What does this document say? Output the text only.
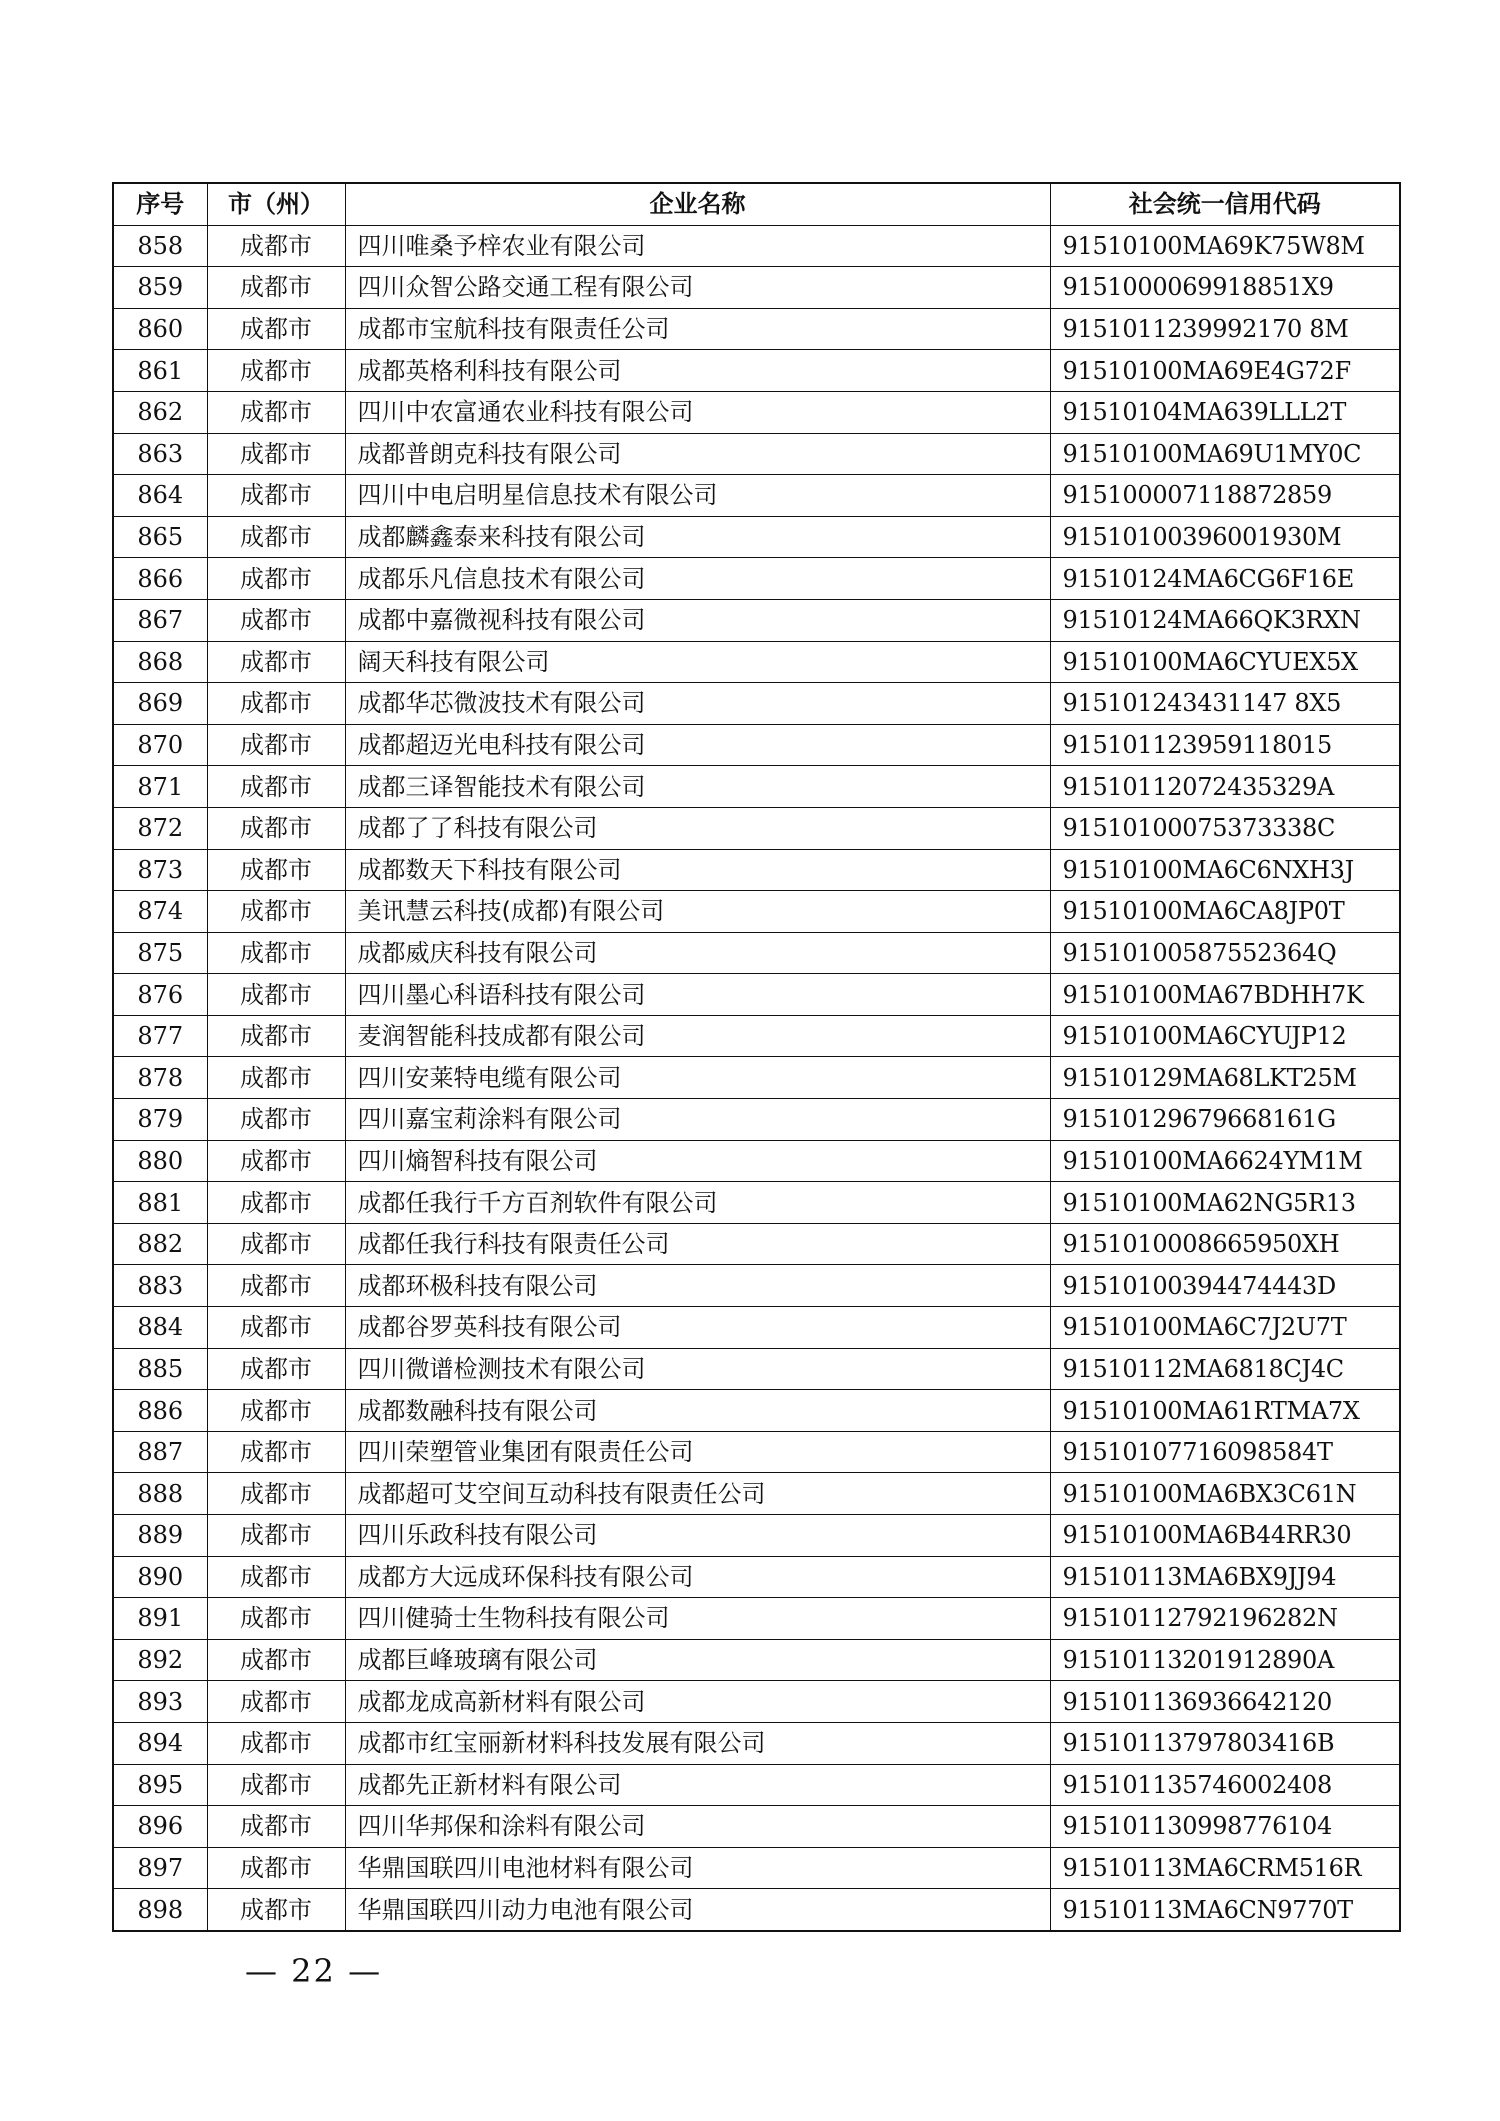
序号	市（州）	企业名称	社会统一信用代码
858	成都市	四川唯桑予梓农业有限公司	91510100MA69K75W8M
859	成都市	四川众智公路交通工程有限公司	9151000069918851X9
860	成都市	成都市宝航科技有限责任公司	9151011239992170 8M
861	成都市	成都英格利科技有限公司	91510100MA69E4G72F
862	成都市	四川中农富通农业科技有限公司	91510104MA639LLL2T
863	成都市	成都普朗克科技有限公司	91510100MA69U1MY0C
864	成都市	四川中电启明星信息技术有限公司	915100007118872859
865	成都市	成都麟鑫泰来科技有限公司	91510100396001930M
866	成都市	成都乐凡信息技术有限公司	91510124MA6CG6F16E
867	成都市	成都中嘉微视科技有限公司	91510124MA66QK3RXN
868	成都市	阔天科技有限公司	91510100MA6CYUEX5X
869	成都市	成都华芯微波技术有限公司	915101243431147 8X5
870	成都市	成都超迈光电科技有限公司	915101123959118015
871	成都市	成都三译智能技术有限公司	91510112072435329A
872	成都市	成都了了科技有限公司	91510100075373338C
873	成都市	成都数天下科技有限公司	91510100MA6C6NXH3J
874	成都市	美讯慧云科技(成都)有限公司	91510100MA6CA8JP0T
875	成都市	成都威庆科技有限公司	91510100587552364Q
876	成都市	四川墨心科语科技有限公司	91510100MA67BDHH7K
877	成都市	麦润智能科技成都有限公司	91510100MA6CYUJP12
878	成都市	四川安莱特电缆有限公司	91510129MA68LKT25M
879	成都市	四川嘉宝莉涂料有限公司	91510129679668161G
880	成都市	四川熵智科技有限公司	91510100MA6624YM1M
881	成都市	成都任我行千方百剂软件有限公司	91510100MA62NG5R13
882	成都市	成都任我行科技有限责任公司	9151010008665950XH
883	成都市	成都环极科技有限公司	91510100394474443D
884	成都市	成都谷罗英科技有限公司	91510100MA6C7J2U7T
885	成都市	四川微谱检测技术有限公司	91510112MA6818CJ4C
886	成都市	成都数融科技有限公司	91510100MA61RTMA7X
887	成都市	四川荣塑管业集团有限责任公司	91510107716098584T
888	成都市	成都超可艾空间互动科技有限责任公司	91510100MA6BX3C61N
889	成都市	四川乐政科技有限公司	91510100MA6B44RR30
890	成都市	成都方大远成环保科技有限公司	91510113MA6BX9JJ94
891	成都市	四川健骑士生物科技有限公司	91510112792196282N
892	成都市	成都巨峰玻璃有限公司	91510113201912890A
893	成都市	成都龙成高新材料有限公司	915101136936642120
894	成都市	成都市红宝丽新材料科技发展有限公司	91510113797803416B
895	成都市	成都先正新材料有限公司	915101135746002408
896	成都市	四川华邦保和涂料有限公司	915101130998776104
897	成都市	华鼎国联四川电池材料有限公司	91510113MA6CRM516R
898	成都市	华鼎国联四川动力电池有限公司	91510113MA6CN9770T
— 22 —
